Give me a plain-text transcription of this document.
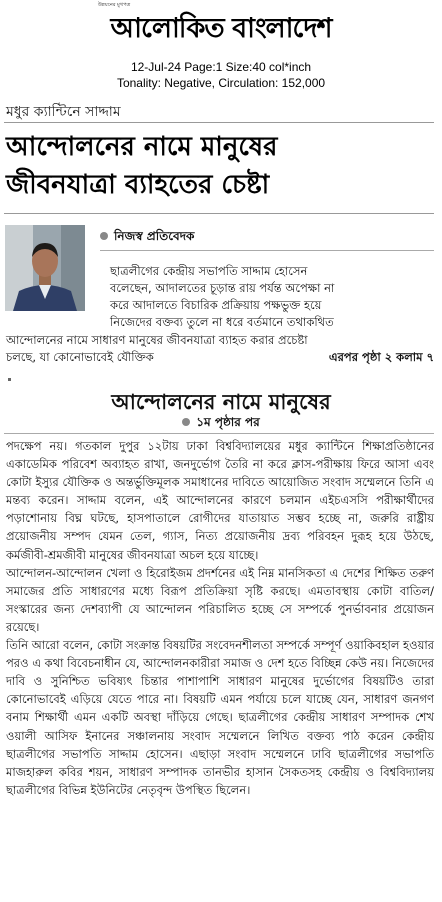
উন্নয়নের মুখপত্র
আলোকিত বাংলাদেশ
12-Jul-24 Page:1 Size:40 col*inch
Tonality: Negative, Circulation: 152,000
মধুর ক্যান্টিনে সাদ্দাম
আন্দোলনের নামে মানুষের
জীবনযাত্রা ব্যাহতের চেষ্টা
নিজস্ব প্রতিবেদক
ছাত্রলীগের কেন্দ্রীয় সভাপতি সাদ্দাম হোসেন
বলেছেন, আদালতের চূড়ান্ত রায় পর্যন্ত অপেক্ষা না
করে আদালতে বিচারিক প্রক্রিয়ায় পক্ষভুক্ত হয়ে
নিজেদের বক্তব্য তুলে না ধরে বর্তমানে তথাকথিত
আন্দোলনের নামে সাধারণ মানুষের জীবনযাত্রা ব্যাহত করার প্রচেষ্টা
চলছে, যা কোনোভাবেই যৌক্তিক	এরপর পৃষ্ঠা ২ কলাম ৭
আন্দোলনের নামে মানুষের
১ম পৃষ্ঠার পর

পদক্ষেপ নয়। গতকাল দুপুর ১২টায় ঢাকা বিশ্ববিদ্যালয়ের মধুর ক্যান্টিনে শিক্ষাপ্রতিষ্ঠানের একাডেমিক পরিবেশ অব্যাহত রাখা, জনদুর্ভোগ তৈরি না করে ক্লাস-পরীক্ষায় ফিরে আসা এবং কোটা ইস্যুর যৌক্তিক ও অন্তর্ভুক্তিমূলক সমাধানের দাবিতে আয়োজিত সংবাদ সম্মেলনে তিনি এ মন্তব্য করেন। সাদ্দাম বলেন, এই আন্দোলনের কারণে চলমান এইচএসসি পরীক্ষার্থীদের পড়াশোনায় বিঘ্ন ঘটছে, হাসপাতালে রোগীদের যাতায়াত সম্ভব হচ্ছে না, জরুরি রাষ্ট্রীয় প্রয়োজনীয় সম্পদ যেমন তেল, গ্যাস, নিত্য প্রয়োজনীয় দ্রব্য পরিবহন দুরূহ হয়ে উঠছে, কর্মজীবী-শ্রমজীবী মানুষের জীবনযাত্রা অচল হয়ে যাচ্ছে।

আন্দোলন-আন্দোলন খেলা ও হিরোইজম প্রদর্শনের এই নিম্ন মানসিকতা এ দেশের শিক্ষিত তরুণ সমাজের প্রতি সাধারণের মধ্যে বিরূপ প্রতিক্রিয়া সৃষ্টি করছে। এমতাবস্থায় কোটা বাতিল/সংস্কারের জন্য দেশব্যাপী যে আন্দোলন পরিচালিত হচ্ছে সে সম্পর্কে পুনর্ভাবনার প্রয়োজন রয়েছে।

তিনি আরো বলেন, কোটা সংক্রান্ত বিষয়টির সংবেদনশীলতা সম্পর্কে সম্পূর্ণ ওয়াকিবহাল হওয়ার পরও এ কথা বিবেচনাধীন যে, আন্দোলনকারীরা সমাজ ও দেশ হতে বিচ্ছিন্ন কেউ নয়। নিজেদের দাবি ও সুনিশ্চিত ভবিষ্যৎ চিন্তার পাশাপাশি সাধারণ মানুষের দুর্ভোগের বিষয়টিও তারা কোনোভাবেই এড়িয়ে যেতে পারে না। বিষয়টি এমন পর্যায়ে চলে যাচ্ছে যেন, সাধারণ জনগণ বনাম শিক্ষার্থী এমন একটি অবস্থা দাঁড়িয়ে গেছে। ছাত্রলীগের কেন্দ্রীয় সাধারণ সম্পাদক শেখ ওয়ালী আসিফ ইনানের সঞ্চালনায় সংবাদ সম্মেলনে লিখিত বক্তব্য পাঠ করেন কেন্দ্রীয় ছাত্রলীগের সভাপতি সাদ্দাম হোসেন। এছাড়া সংবাদ সম্মেলনে ঢাবি ছাত্রলীগের সভাপতি মাজহারুল কবির শয়ন, সাধারণ সম্পাদক তানভীর হাসান সৈকতসহ কেন্দ্রীয় ও বিশ্ববিদ্যালয় ছাত্রলীগের বিভিন্ন ইউনিটের নেতৃবৃন্দ উপস্থিত ছিলেন।
